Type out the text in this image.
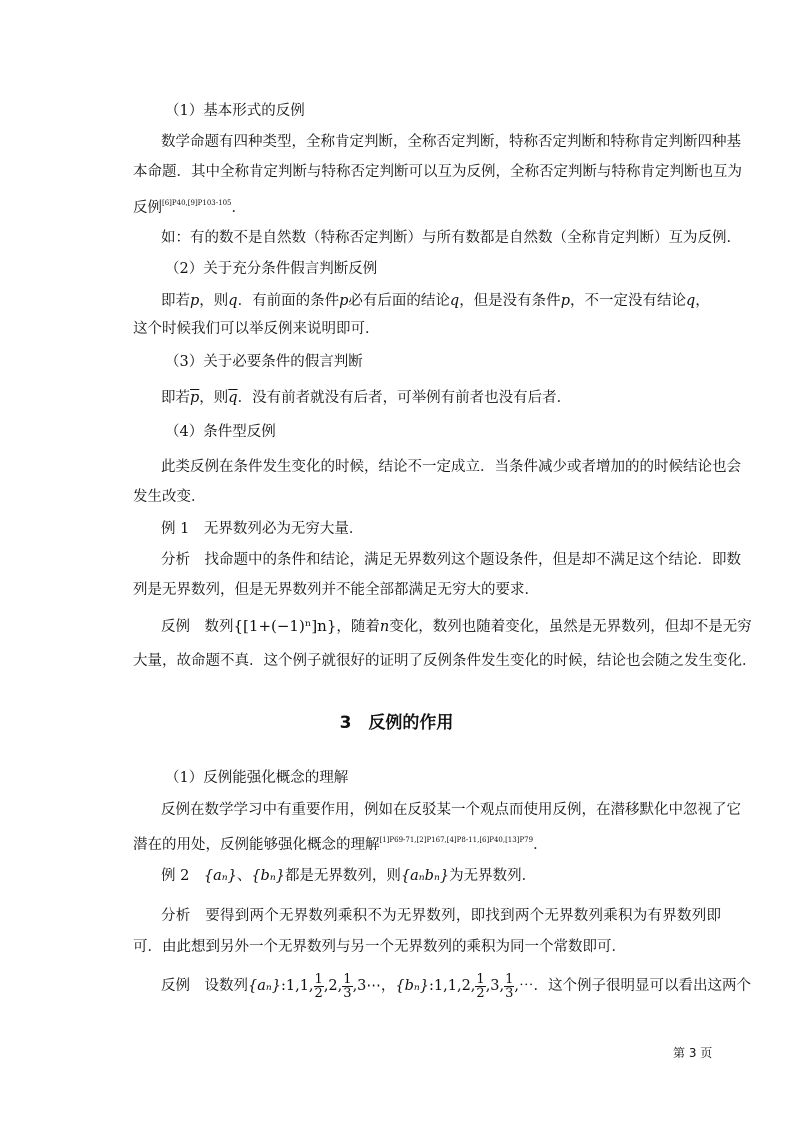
（1）基本形式的反例
数学命题有四种类型，全称肯定判断，全称否定判断，特称否定判断和特称肯定判断四种基
本命题．其中全称肯定判断与特称否定判断可以互为反例，全称否定判断与特称肯定判断也互为
反例$^{[6]P40,[9]P103-105}$．
如：有的数不是自然数（特称否定判断）与所有数都是自然数（全称肯定判断）互为反例．
（2）关于充分条件假言判断反例
即若p，则q．有前面的条件p必有后面的结论q，但是没有条件p，不一定没有结论q，
这个时候我们可以举反例来说明即可．
（3）关于必要条件的假言判断
即若$\overline{p}$，则$\overline{q}$．没有前者就没有后者，可举例有前者也没有后者．
（4）条件型反例
此类反例在条件发生变化的时候，结论不一定成立．当条件减少或者增加的的时候结论也会
发生改变．
例 1　无界数列必为无穷大量．
分析　找命题中的条件和结论，满足无界数列这个题设条件，但是却不满足这个结论．即数
列是无界数列，但是无界数列并不能全部都满足无穷大的要求．
反例　数列{[1+(−1)ⁿ]n}，随着n变化，数列也随着变化，虽然是无界数列，但却不是无穷
大量，故命题不真．这个例子就很好的证明了反例条件发生变化的时候，结论也会随之发生变化．
3　反例的作用
（1）反例能强化概念的理解
反例在数学学习中有重要作用，例如在反驳某一个观点而使用反例，在潜移默化中忽视了它
潜在的用处，反例能够强化概念的理解$^{[1]P69-71,[2]P167,[4]P8-11,[6]P40,[13]P79}$．
例 2　{aₙ}、{bₙ}都是无界数列，则{aₙbₙ}为无界数列．
分析　要得到两个无界数列乘积不为无界数列，即找到两个无界数列乘积为有界数列即
可．由此想到另外一个无界数列与另一个无界数列的乘积为同一个常数即可．
反例　设数列{aₙ}:1,1, $\frac{1}{2} ,2$, $\frac{1}{3}$ ,3⋯，{bₙ}:1,1,2, $\frac{1}{2} ,3$, $\frac{1}{3}$ ,⋯．这个例子很明显可以看出这两个
第 3 页
